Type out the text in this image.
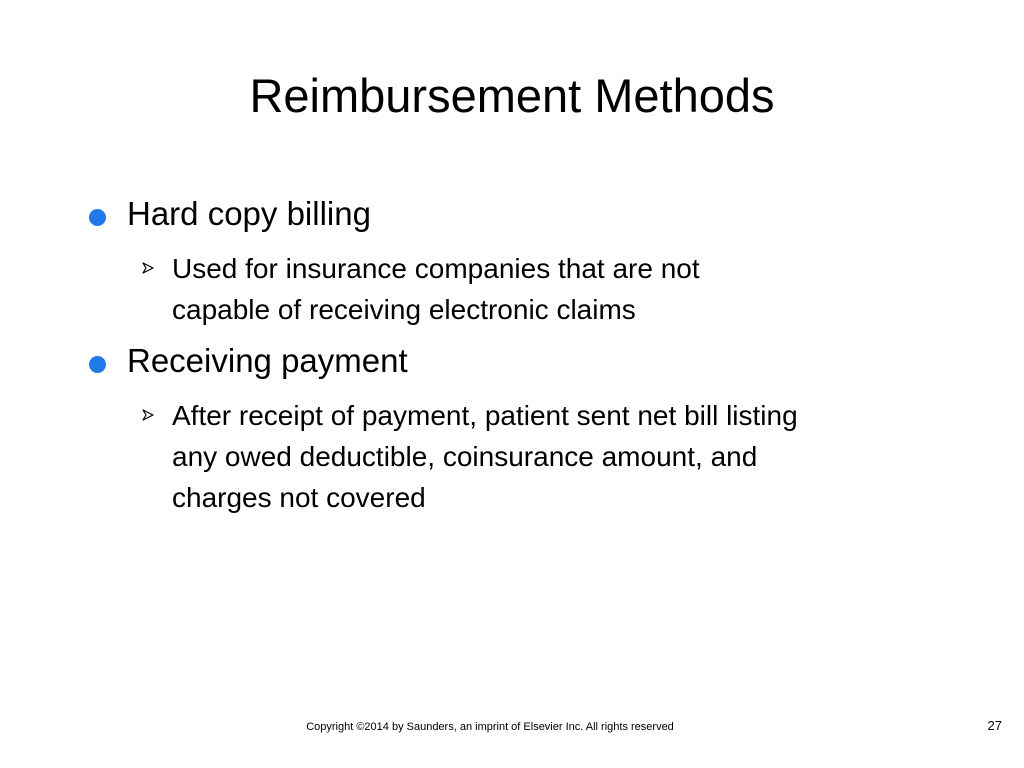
Reimbursement Methods
Hard copy billing
Used for insurance companies that are not
capable of receiving electronic claims
Receiving payment
After receipt of payment, patient sent net bill listing
any owed deductible, coinsurance amount, and
charges not covered
Copyright ©2014 by Saunders, an imprint of Elsevier Inc. All rights reserved	27
